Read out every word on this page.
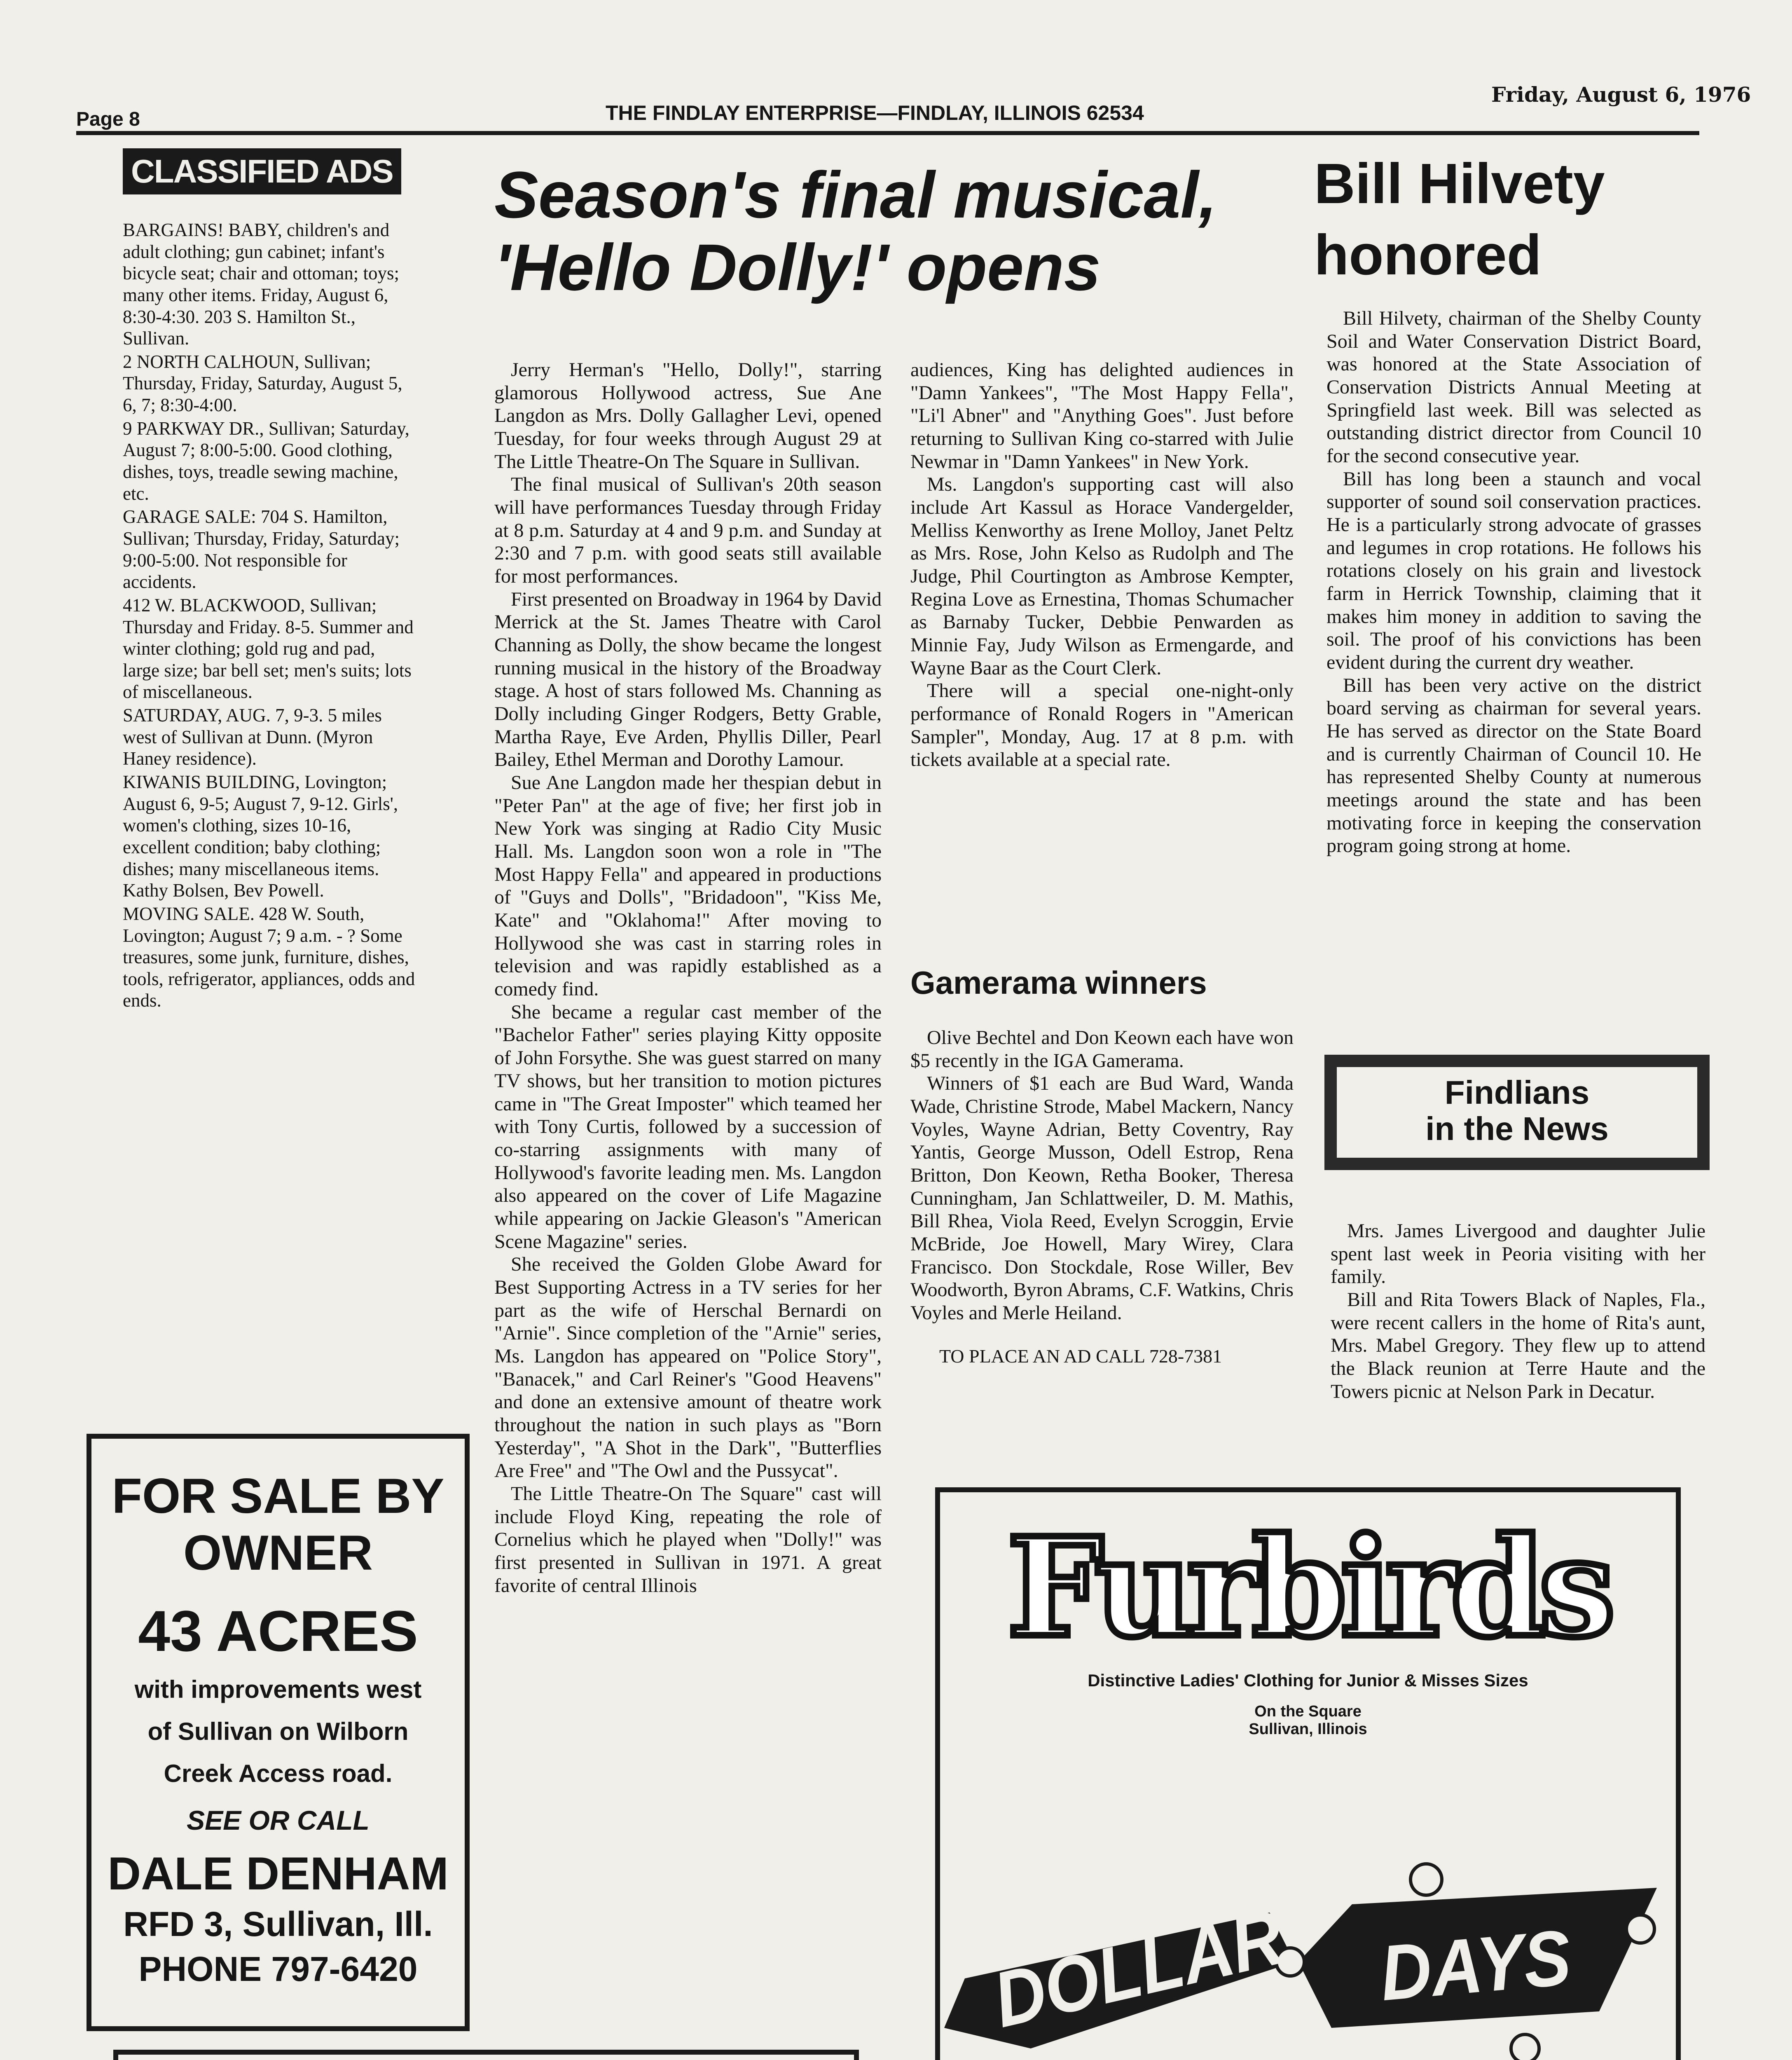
Page 8	THE FINDLAY ENTERPRISE—FINDLAY, ILLINOIS 62534
Friday, August 6, 1976
CLASSIFIED ADS

BARGAINS! BABY, children's and adult clothing; gun cabinet; infant's bicycle seat; chair and ottoman; toys; many other items. Friday, August 6, 8:30-4:30. 203 S. Hamilton St., Sullivan.

2 NORTH CALHOUN, Sullivan; Thursday, Friday, Saturday, August 5, 6, 7; 8:30-4:00.

9 PARKWAY DR., Sullivan; Saturday, August 7; 8:00-5:00. Good clothing, dishes, toys, treadle sewing machine, etc.

GARAGE SALE: 704 S. Hamilton, Sullivan; Thursday, Friday, Saturday; 9:00-5:00. Not responsible for accidents.

412 W. BLACKWOOD, Sullivan; Thursday and Friday. 8-5. Summer and winter clothing; gold rug and pad, large size; bar bell set; men's suits; lots of miscellaneous.

SATURDAY, AUG. 7, 9-3. 5 miles west of Sullivan at Dunn. (Myron Haney residence).

KIWANIS BUILDING, Lovington; August 6, 9-5; August 7, 9-12. Girls', women's clothing, sizes 10-16, excellent condition; baby clothing; dishes; many miscellaneous items. Kathy Bolsen, Bev Powell.

MOVING SALE. 428 W. South, Lovington; August 7; 9 a.m. - ? Some treasures, some junk, furniture, dishes, tools, refrigerator, appliances, odds and ends.

FOR SALE BY
OWNER
43 ACRES
with improvements west
of Sullivan on Wilborn
Creek Access road.
SEE OR CALL
DALE DENHAM
RFD 3, Sullivan, Ill.
PHONE 797-6420
Season's final musical,
'Hello Dolly!' opens

Jerry Herman's "Hello, Dolly!", starring glamorous Hollywood actress, Sue Ane Langdon as Mrs. Dolly Gallagher Levi, opened Tuesday, for four weeks through August 29 at The Little Theatre-On The Square in Sullivan.

The final musical of Sullivan's 20th season will have performances Tuesday through Friday at 8 p.m. Saturday at 4 and 9 p.m. and Sunday at 2:30 and 7 p.m. with good seats still available for most performances.

First presented on Broadway in 1964 by David Merrick at the St. James Theatre with Carol Channing as Dolly, the show became the longest running musical in the history of the Broadway stage. A host of stars followed Ms. Channing as Dolly including Ginger Rodgers, Betty Grable, Martha Raye, Eve Arden, Phyllis Diller, Pearl Bailey, Ethel Merman and Dorothy Lamour.

Sue Ane Langdon made her thespian debut in "Peter Pan" at the age of five; her first job in New York was singing at Radio City Music Hall. Ms. Langdon soon won a role in "The Most Happy Fella" and appeared in productions of "Guys and Dolls", "Bridadoon", "Kiss Me, Kate" and "Oklahoma!" After moving to Hollywood she was cast in starring roles in television and was rapidly established as a comedy find.

She became a regular cast member of the "Bachelor Father" series playing Kitty opposite of John Forsythe. She was guest starred on many TV shows, but her transition to motion pictures came in "The Great Imposter" which teamed her with Tony Curtis, followed by a succession of co-starring assignments with many of Hollywood's favorite leading men. Ms. Langdon also appeared on the cover of Life Magazine while appearing on Jackie Gleason's "American Scene Magazine" series.

She received the Golden Globe Award for Best Supporting Actress in a TV series for her part as the wife of Herschal Bernardi on "Arnie". Since completion of the "Arnie" series, Ms. Langdon has appeared on "Police Story", "Banacek," and Carl Reiner's "Good Heavens" and done an extensive amount of theatre work throughout the nation in such plays as "Born Yesterday", "A Shot in the Dark", "Butterflies Are Free" and "The Owl and the Pussycat".

The Little Theatre-On The Square" cast will include Floyd King, repeating the role of Cornelius which he played when "Dolly!" was first presented in Sullivan in 1971. A great favorite of central Illinois

audiences, King has delighted audiences in "Damn Yankees", "The Most Happy Fella", "Li'l Abner" and "Anything Goes". Just before returning to Sullivan King co-starred with Julie Newmar in "Damn Yankees" in New York.

Ms. Langdon's supporting cast will also include Art Kassul as Horace Vandergelder, Melliss Kenworthy as Irene Molloy, Janet Peltz as Mrs. Rose, John Kelso as Rudolph and The Judge, Phil Courtington as Ambrose Kempter, Regina Love as Ernestina, Thomas Schumacher as Barnaby Tucker, Debbie Penwarden as Minnie Fay, Judy Wilson as Ermengarde, and Wayne Baar as the Court Clerk.

There will a special one-night-only performance of Ronald Rogers in "American Sampler", Monday, Aug. 17 at 8 p.m. with tickets available at a special rate.

Gamerama winners

Olive Bechtel and Don Keown each have won $5 recently in the IGA Gamerama.

Winners of $1 each are Bud Ward, Wanda Wade, Christine Strode, Mabel Mackern, Nancy Voyles, Wayne Adrian, Betty Coventry, Ray Yantis, George Musson, Odell Estrop, Rena Britton, Don Keown, Retha Booker, Theresa Cunningham, Jan Schlattweiler, D. M. Mathis, Bill Rhea, Viola Reed, Evelyn Scroggin, Ervie McBride, Joe Howell, Mary Wirey, Clara Francisco. Don Stockdale, Rose Willer, Bev Woodworth, Byron Abrams, C.F. Watkins, Chris Voyles and Merle Heiland.

TO PLACE AN AD CALL 728-7381
Bill Hilvety
honored

Bill Hilvety, chairman of the Shelby County Soil and Water Conservation District Board, was honored at the State Association of Conservation Districts Annual Meeting at Springfield last week. Bill was selected as outstanding district director from Council 10 for the second consecutive year.

Bill has long been a staunch and vocal supporter of sound soil conservation practices. He is a particularly strong advocate of grasses and legumes in crop rotations. He follows his rotations closely on his grain and livestock farm in Herrick Township, claiming that it makes him money in addition to saving the soil. The proof of his convictions has been evident during the current dry weather.

Bill has been very active on the district board serving as chairman for several years. He has served as director on the State Board and is currently Chairman of Council 10. He has represented Shelby County at numerous meetings around the state and has been motivating force in keeping the conservation program going strong at home.

Findlians
in the News

Mrs. James Livergood and daughter Julie spent last week in Peoria visiting with her family.

Bill and Rita Towers Black of Naples, Fla., were recent callers in the home of Rita's aunt, Mrs. Mabel Gregory. They flew up to attend the Black reunion at Terre Haute and the Towers picnic at Nelson Park in Decatur.

Furbirds
Distinctive Ladies' Clothing for Junior & Misses Sizes
On the Square
Sullivan, Illinois
DOLLAR DAYS
